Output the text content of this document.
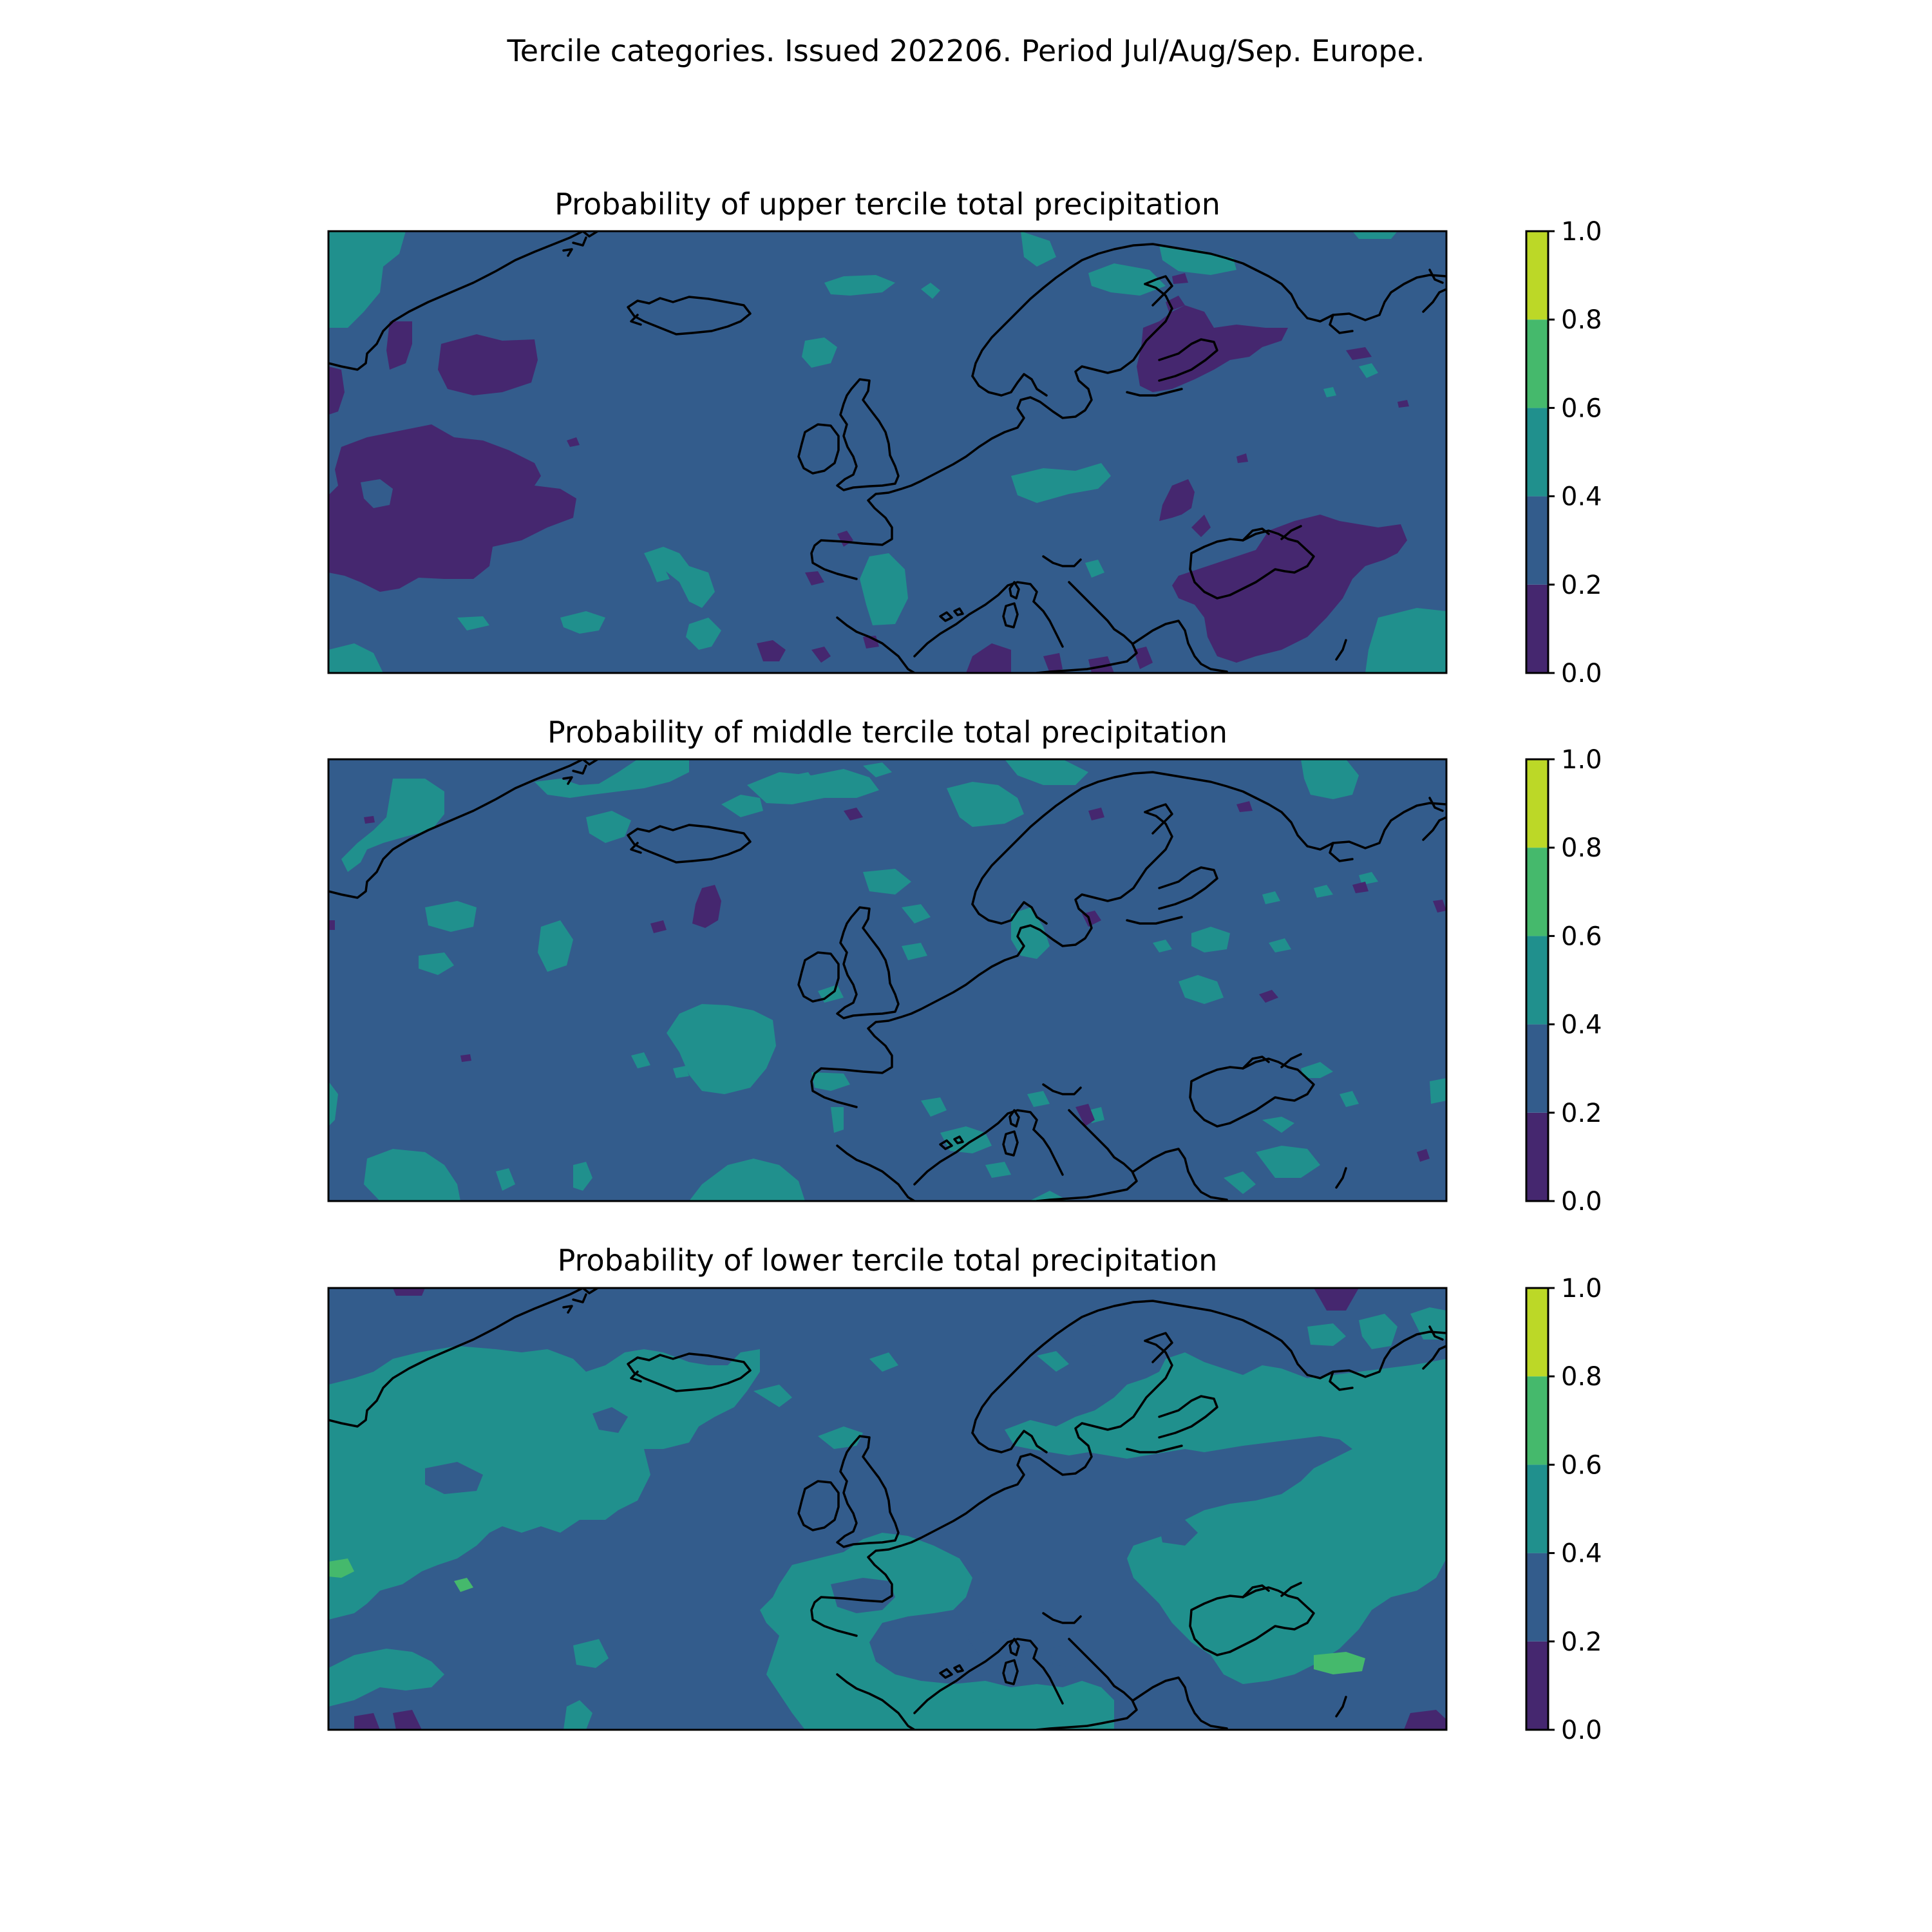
Tercile categories. Issued 202206. Period Jul/Aug/Sep. Europe.
Probability of upper tercile total precipitation
Probability of middle tercile total precipitation
Probability of lower tercile total precipitation
0.0
0.2
0.4
0.6
0.8
1.0
0.0
0.2
0.4
0.6
0.8
1.0
0.0
0.2
0.4
0.6
0.8
1.0
